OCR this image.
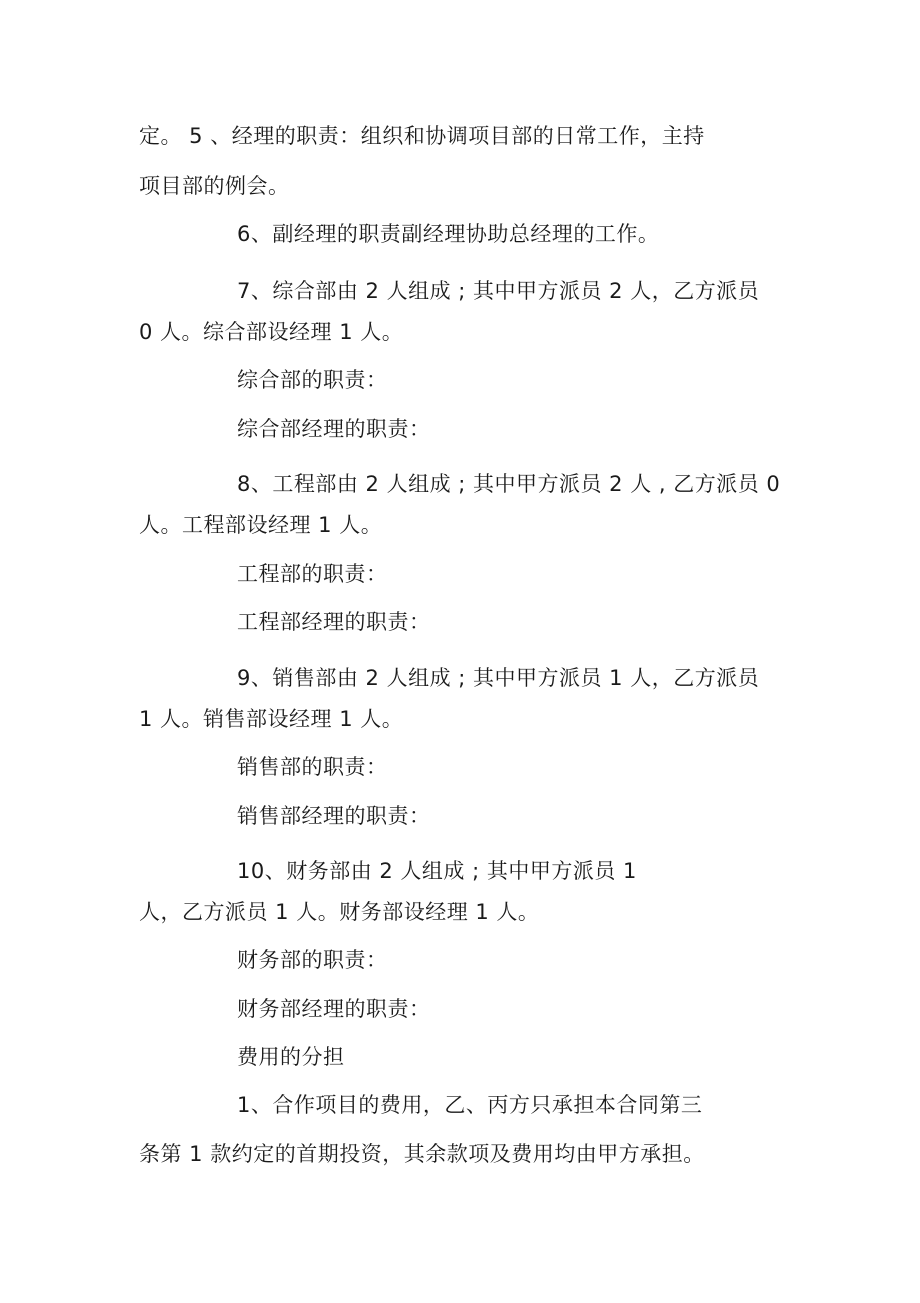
定。 5 、经理的职责：组织和协调项目部的日常工作，主持
项目部的例会。
6、副经理的职责副经理协助总经理的工作。
7、综合部由 2 人组成 ; 其中甲方派员 2 人，乙方派员
0 人。综合部设经理 1 人。
综合部的职责：
综合部经理的职责：
8、工程部由 2 人组成 ; 其中甲方派员 2 人 , 乙方派员 0
人。工程部设经理 1 人。
工程部的职责：
工程部经理的职责：
9、销售部由 2 人组成 ; 其中甲方派员 1 人，乙方派员
1 人。销售部设经理 1 人。
销售部的职责：
销售部经理的职责：
10、财务部由 2 人组成 ; 其中甲方派员 1
人，乙方派员 1 人。财务部设经理 1 人。
财务部的职责：
财务部经理的职责：
费用的分担
1、合作项目的费用，乙、丙方只承担本合同第三
条第 1 款约定的首期投资，其余款项及费用均由甲方承担。
